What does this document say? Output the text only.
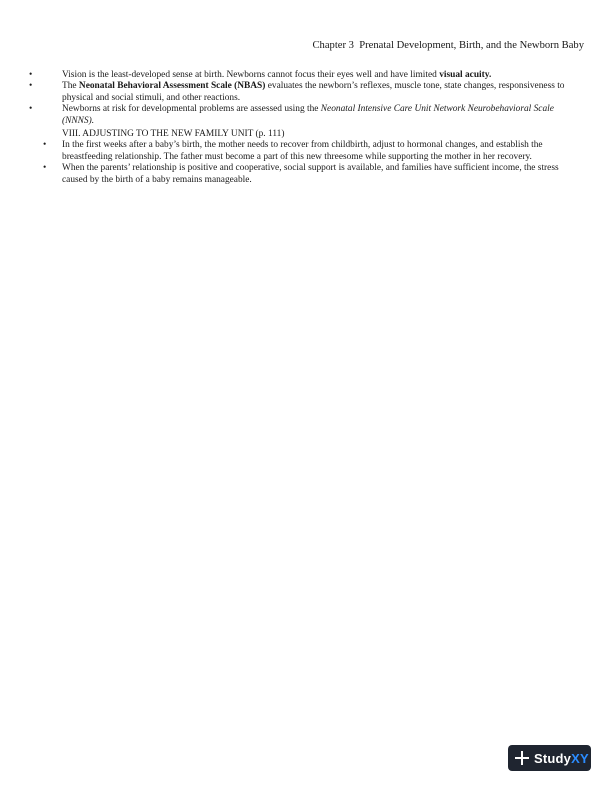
Chapter 3  Prenatal Development, Birth, and the Newborn Baby
•	Vision is the least-developed sense at birth. Newborns cannot focus their eyes well and have limited visual acuity.
•	The Neonatal Behavioral Assessment Scale (NBAS) evaluates the newborn’s reflexes, muscle tone, state changes, responsiveness to physical and social stimuli, and other reactions.
•	Newborns at risk for developmental problems are assessed using the Neonatal Intensive Care Unit Network Neurobehavioral Scale (NNNS).
VIII. ADJUSTING TO THE NEW FAMILY UNIT (p. 111)
• In the first weeks after a baby’s birth, the mother needs to recover from childbirth, adjust to hormonal changes, and establish the breastfeeding relationship. The father must become a part of this new threesome while supporting the mother in her recovery.
• When the parents’ relationship is positive and cooperative, social support is available, and families have sufficient income, the stress caused by the birth of a baby remains manageable.
StudyXY
